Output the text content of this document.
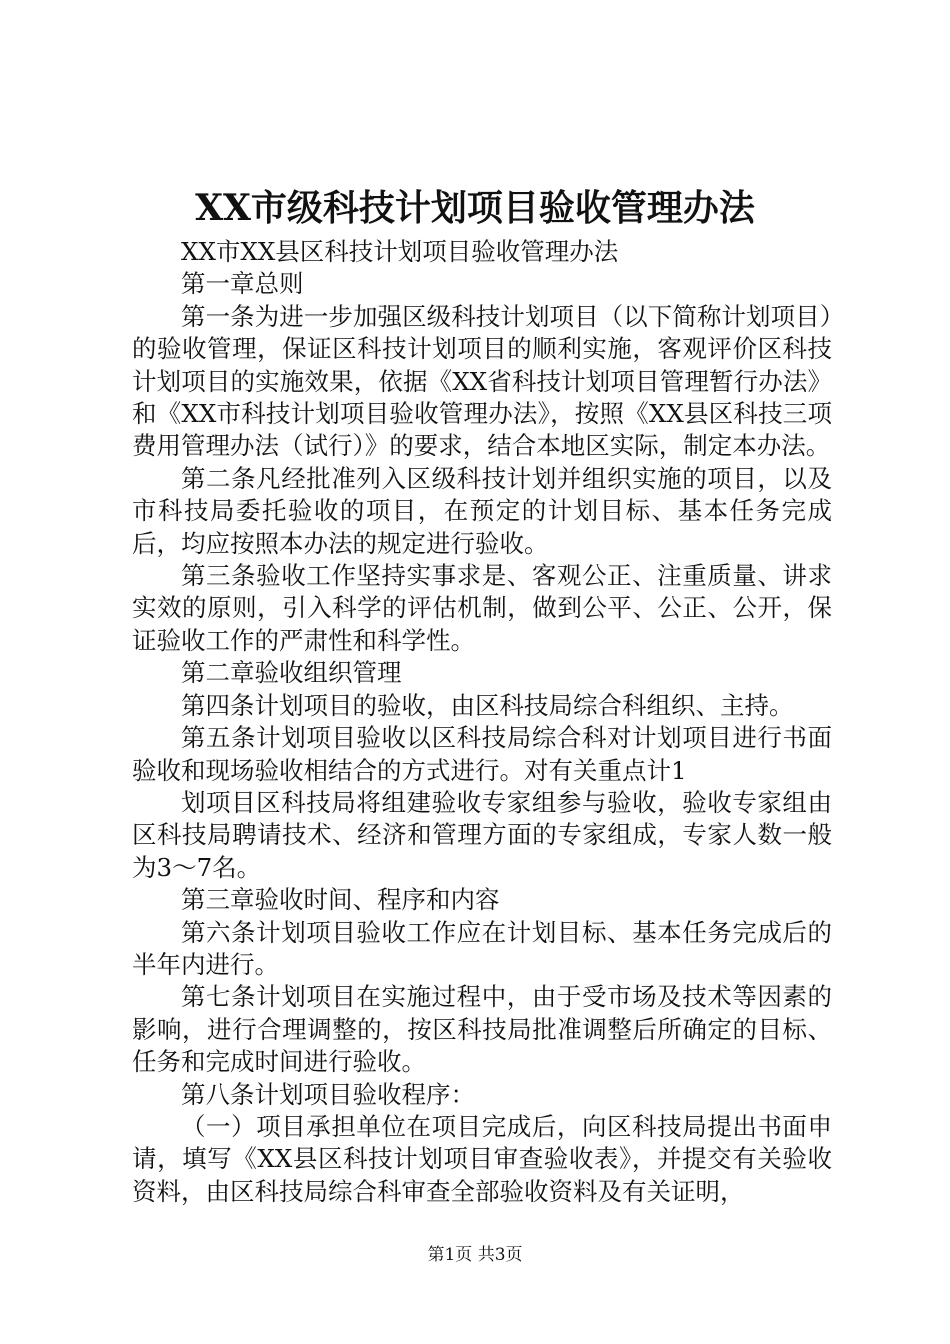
XX市级科技计划项目验收管理办法

XX市XX县区科技计划项目验收管理办法

第一章总则

第一条为进一步加强区级科技计划项目（以下简称计划项目）的验收管理，保证区科技计划项目的顺利实施，客观评价区科技计划项目的实施效果，依据《XX省科技计划项目管理暂行办法》和《XX市科技计划项目验收管理办法》，按照《XX县区科技三项费用管理办法（试行）》的要求，结合本地区实际，制定本办法。

第二条凡经批准列入区级科技计划并组织实施的项目，以及市科技局委托验收的项目，在预定的计划目标、基本任务完成后，均应按照本办法的规定进行验收。

第三条验收工作坚持实事求是、客观公正、注重质量、讲求实效的原则，引入科学的评估机制，做到公平、公正、公开，保证验收工作的严肃性和科学性。

第二章验收组织管理

第四条计划项目的验收，由区科技局综合科组织、主持。

第五条计划项目验收以区科技局综合科对计划项目进行书面验收和现场验收相结合的方式进行。对有关重点计1

划项目区科技局将组建验收专家组参与验收，验收专家组由区科技局聘请技术、经济和管理方面的专家组成，专家人数一般为3～7名。

第三章验收时间、程序和内容

第六条计划项目验收工作应在计划目标、基本任务完成后的半年内进行。

第七条计划项目在实施过程中，由于受市场及技术等因素的影响，进行合理调整的，按区科技局批准调整后所确定的目标、任务和完成时间进行验收。

第八条计划项目验收程序：

（一）项目承担单位在项目完成后，向区科技局提出书面申请，填写《XX县区科技计划项目审查验收表》，并提交有关验收资料，由区科技局综合科审查全部验收资料及有关证明，

第1页 共3页
